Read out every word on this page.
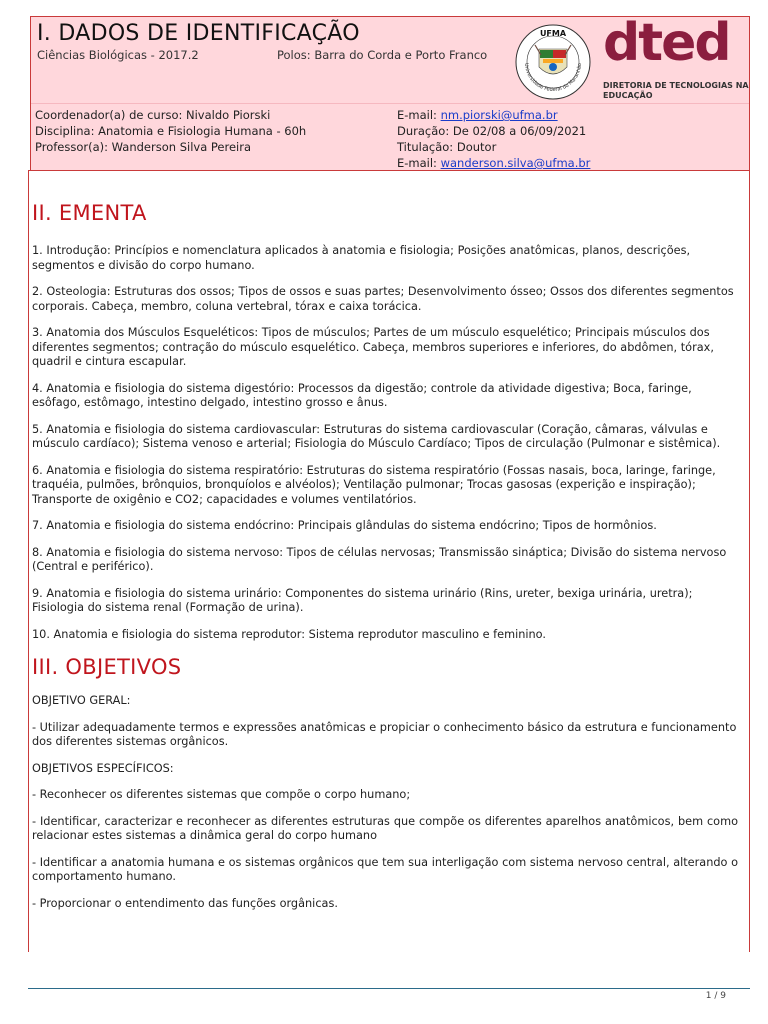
I. DADOS DE IDENTIFICAÇÃO
Ciências Biológicas - 2017.2	Polos: Barra do Corda e Porto Franco
UFMA
Universidade Federal do Maranhão dted
DIRETORIA DE TECNOLOGIAS NA EDUCAÇÃO
Coordenador(a) de curso: Nivaldo Piorski
Disciplina: Anatomia e Fisiologia Humana - 60h
Professor(a): Wanderson Silva Pereira
E-mail: nm.piorski@ufma.br
Duração: De 02/08 a 06/09/2021
Titulação: Doutor
E-mail: wanderson.silva@ufma.br
II. EMENTA

1. Introdução: Princípios e nomenclatura aplicados à anatomia e fisiologia; Posições anatômicas, planos, descrições, segmentos e divisão do corpo humano.

2. Osteologia: Estruturas dos ossos; Tipos de ossos e suas partes; Desenvolvimento ósseo; Ossos dos diferentes segmentos corporais. Cabeça, membro, coluna vertebral, tórax e caixa torácica.

3. Anatomia dos Músculos Esqueléticos: Tipos de músculos; Partes de um músculo esquelético; Principais músculos dos diferentes segmentos; contração do músculo esquelético. Cabeça, membros superiores e inferiores, do abdômen, tórax, quadril e cintura escapular.

4. Anatomia e fisiologia do sistema digestório: Processos da digestão; controle da atividade digestiva; Boca, faringe, esôfago, estômago, intestino delgado, intestino grosso e ânus.

5. Anatomia e fisiologia do sistema cardiovascular: Estruturas do sistema cardiovascular (Coração, câmaras, válvulas e músculo cardíaco); Sistema venoso e arterial; Fisiologia do Músculo Cardíaco; Tipos de circulação (Pulmonar e sistêmica).

6. Anatomia e fisiologia do sistema respiratório: Estruturas do sistema respiratório (Fossas nasais, boca, laringe, faringe, traquéia, pulmões, brônquios, bronquíolos e alvéolos); Ventilação pulmonar; Trocas gasosas (experição e inspiração); Transporte de oxigênio e CO2; capacidades e volumes ventilatórios.

7. Anatomia e fisiologia do sistema endócrino: Principais glândulas do sistema endócrino; Tipos de hormônios.

8. Anatomia e fisiologia do sistema nervoso: Tipos de células nervosas; Transmissão sináptica; Divisão do sistema nervoso (Central e periférico).

9. Anatomia e fisiologia do sistema urinário: Componentes do sistema urinário (Rins, ureter, bexiga urinária, uretra); Fisiologia do sistema renal (Formação de urina).

10. Anatomia e fisiologia do sistema reprodutor: Sistema reprodutor masculino e feminino.

III. OBJETIVOS

OBJETIVO GERAL:

- Utilizar adequadamente termos e expressões anatômicas e propiciar o conhecimento básico da estrutura e funcionamento dos diferentes sistemas orgânicos.

OBJETIVOS ESPECÍFICOS:

- Reconhecer os diferentes sistemas que compõe o corpo humano;

- Identificar, caracterizar e reconhecer as diferentes estruturas que compõe os diferentes aparelhos anatômicos, bem como relacionar estes sistemas a dinâmica geral do corpo humano

- Identificar a anatomia humana e os sistemas orgânicos que tem sua interligação com sistema nervoso central, alterando o comportamento humano.

- Proporcionar o entendimento das funções orgânicas.

1 / 9
